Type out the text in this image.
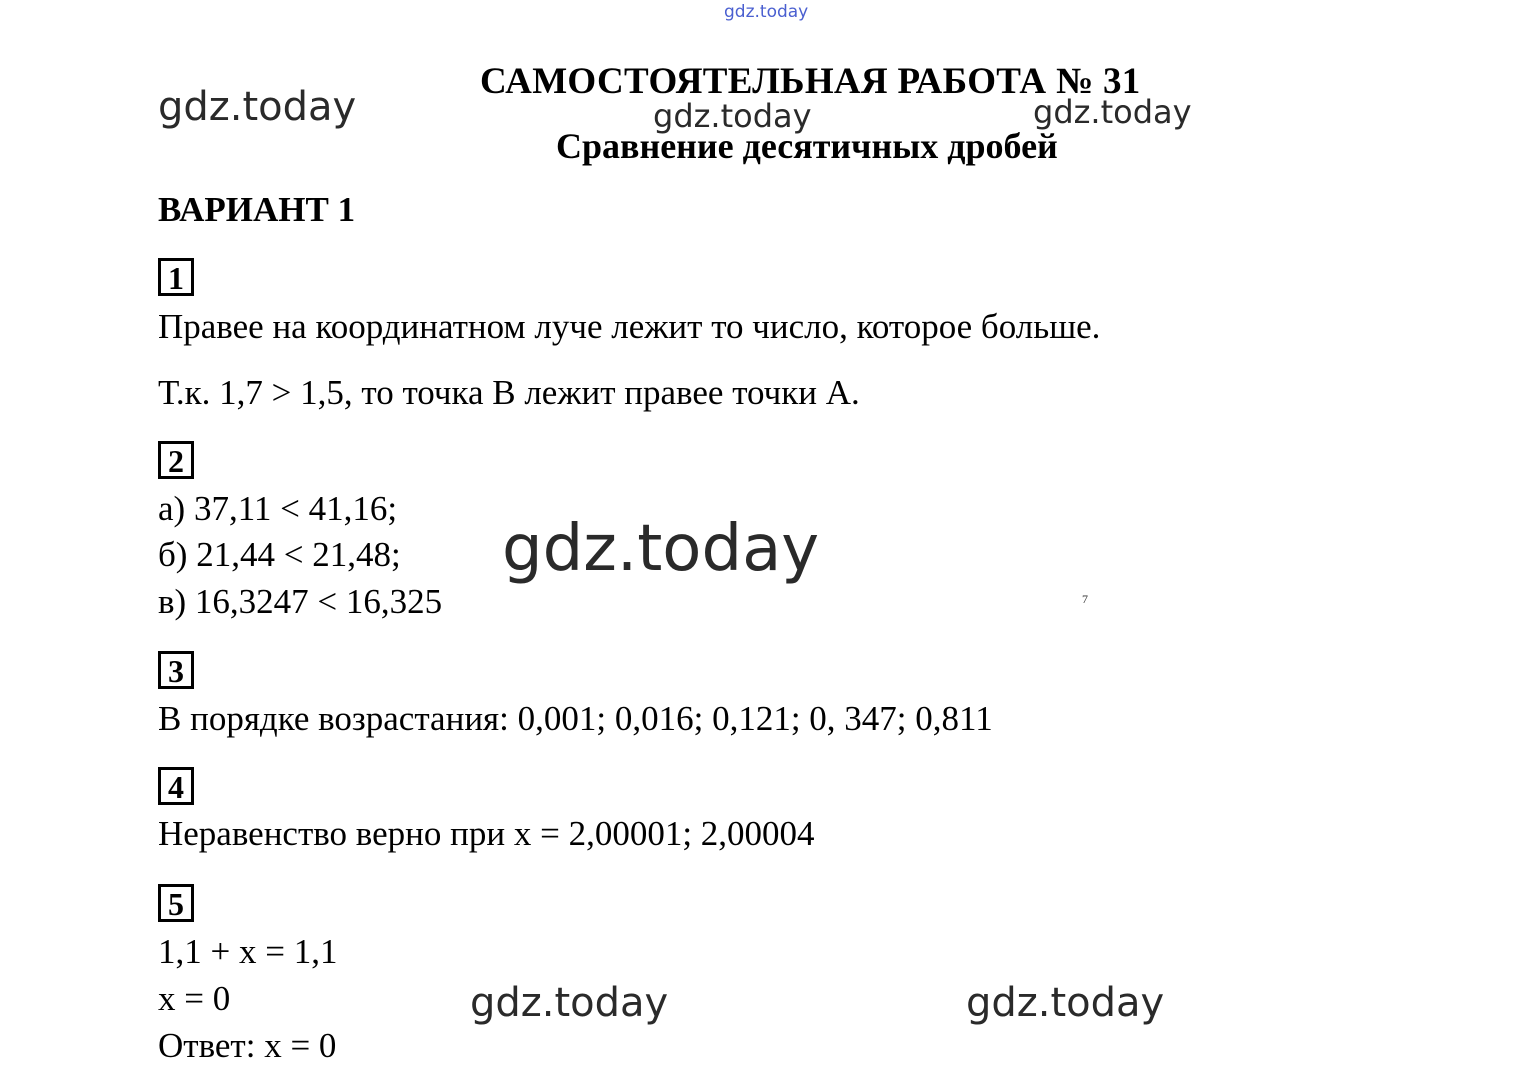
gdz.today
gdz.today	gdz.today	gdz.today
gdz.today
gdz.today	gdz.today
САМОСТОЯТЕЛЬНАЯ РАБОТА № 31
Сравнение десятичных дробей
ВАРИАНТ 1
1
Правее на координатном луче лежит то число, которое больше.
Т.к. 1,7 > 1,5, то точка В лежит правее точки А.
2
а) 37,11 < 41,16;
б) 21,44 < 21,48;
в) 16,3247 < 16,325	7
3
В порядке возрастания: 0,001; 0,016; 0,121; 0, 347; 0,811
4
Неравенство верно при х = 2,00001; 2,00004
5
1,1 + х = 1,1
х = 0
Ответ: х = 0
